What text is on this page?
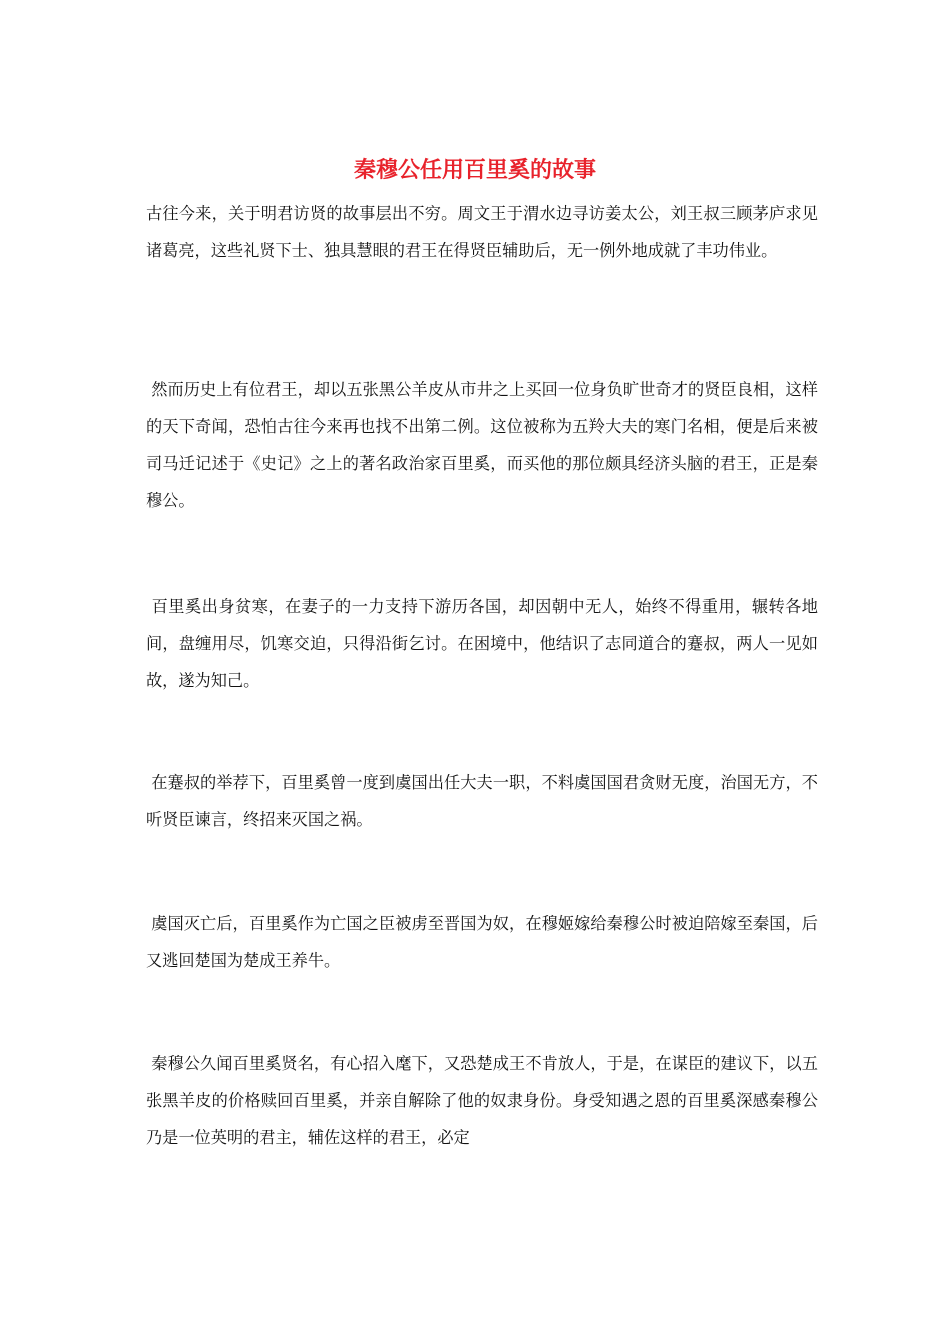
秦穆公任用百里奚的故事

古往今来，关于明君访贤的故事层出不穷。周文王于渭水边寻访姜太公，刘王叔三顾茅庐求见诸葛亮，这些礼贤下士、独具慧眼的君王在得贤臣辅助后，无一例外地成就了丰功伟业。

然而历史上有位君王，却以五张黑公羊皮从市井之上买回一位身负旷世奇才的贤臣良相，这样的天下奇闻，恐怕古往今来再也找不出第二例。这位被称为五羚大夫的寒门名相，便是后来被司马迁记述于《史记》之上的著名政治家百里奚，而买他的那位颇具经济头脑的君王，正是秦穆公。

百里奚出身贫寒，在妻子的一力支持下游历各国，却因朝中无人，始终不得重用，辗转各地间，盘缠用尽，饥寒交迫，只得沿街乞讨。在困境中，他结识了志同道合的蹇叔，两人一见如故，遂为知己。

在蹇叔的举荐下，百里奚曾一度到虞国出任大夫一职，不料虞国国君贪财无度，治国无方，不听贤臣谏言，终招来灭国之祸。

虞国灭亡后，百里奚作为亡国之臣被虏至晋国为奴，在穆姬嫁给秦穆公时被迫陪嫁至秦国，后又逃回楚国为楚成王养牛。

秦穆公久闻百里奚贤名，有心招入麾下，又恐楚成王不肯放人，于是，在谋臣的建议下，以五张黑羊皮的价格赎回百里奚，并亲自解除了他的奴隶身份。身受知遇之恩的百里奚深感秦穆公乃是一位英明的君主，辅佐这样的君王，必定
